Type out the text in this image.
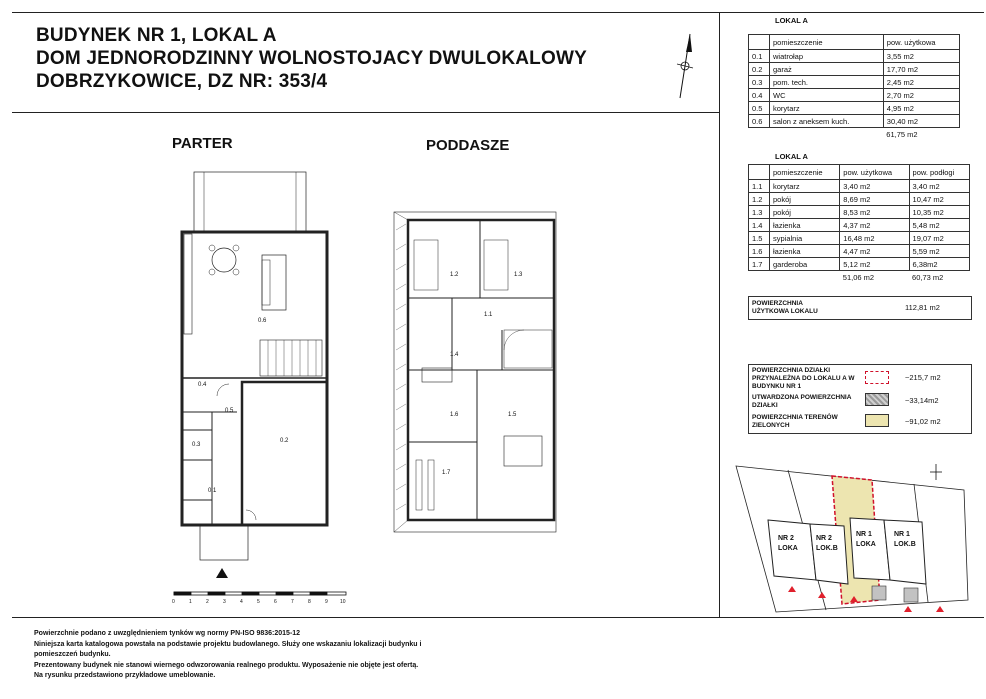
BUDYNEK NR 1, LOKAL A
DOM JEDNORODZINNY WOLNOSTOJACY DWULOKALOWY
DOBRZYKOWICE, DZ NR: 353/4
PARTER	PODDASZE
0.6
0.2
0.4
0.5
0.3
0.1
0	1	2	3	4	5	6	7	8	9 10
1.2	1.3
1.1
1.4
1.6	1.5
1.7
LOKAL A
	pomieszczenie	pow. użytkowa
0.1	wiatrołap	3,55 m2
0.2	garaż	17,70 m2
0.3	pom. tech.	2,45 m2
0.4	WC	2,70 m2
0.5	korytarz	4,95 m2
0.6	salon z aneksem kuch.	30,40 m2
		61,75 m2
LOKAL A
	pomieszczenie	pow. użytkowa	pow. podłogi
1.1	korytarz	3,40 m2	3,40 m2
1.2	pokój	8,69 m2	10,47 m2
1.3	pokój	8,53 m2	10,35 m2
1.4	łazienka	4,37 m2	5,48 m2
1.5	sypialnia	16,48 m2	19,07 m2
1.6	łazienka	4,47 m2	5,59 m2
1.7	garderoba	5,12 m2	6,38m2
		51,06 m2	60,73 m2
POWIERZCHNIA
UŻYTKOWA LOKALU	112,81 m2
POWIERZCHNIA DZIAŁKI
PRZYNALEŻNA DO LOKALU A W
BUDYNKU NR 1
~215,7 m2
UTWARDZONA POWIERZCHNIA
DZIAŁKI
~33,14m2
POWIERZCHNIA TERENÓW
ZIELONYCH	~91,02 m2
NR 2
LOKA
NR 2
LOK.B
NR 1
LOKA
NR 1
LOK.B
Powierzchnie podano z uwzględnieniem tynków wg normy PN-ISO 9836:2015-12
Niniejsza karta katalogowa powstała na podstawie projektu budowlanego. Służy one wskazaniu lokalizacji budynku i
pomieszczeń budynku.
Prezentowany budynek nie stanowi wiernego odwzorowania realnego produktu. Wyposażenie nie objęte jest ofertą.
Na rysunku przedstawiono przykładowe umeblowanie.
